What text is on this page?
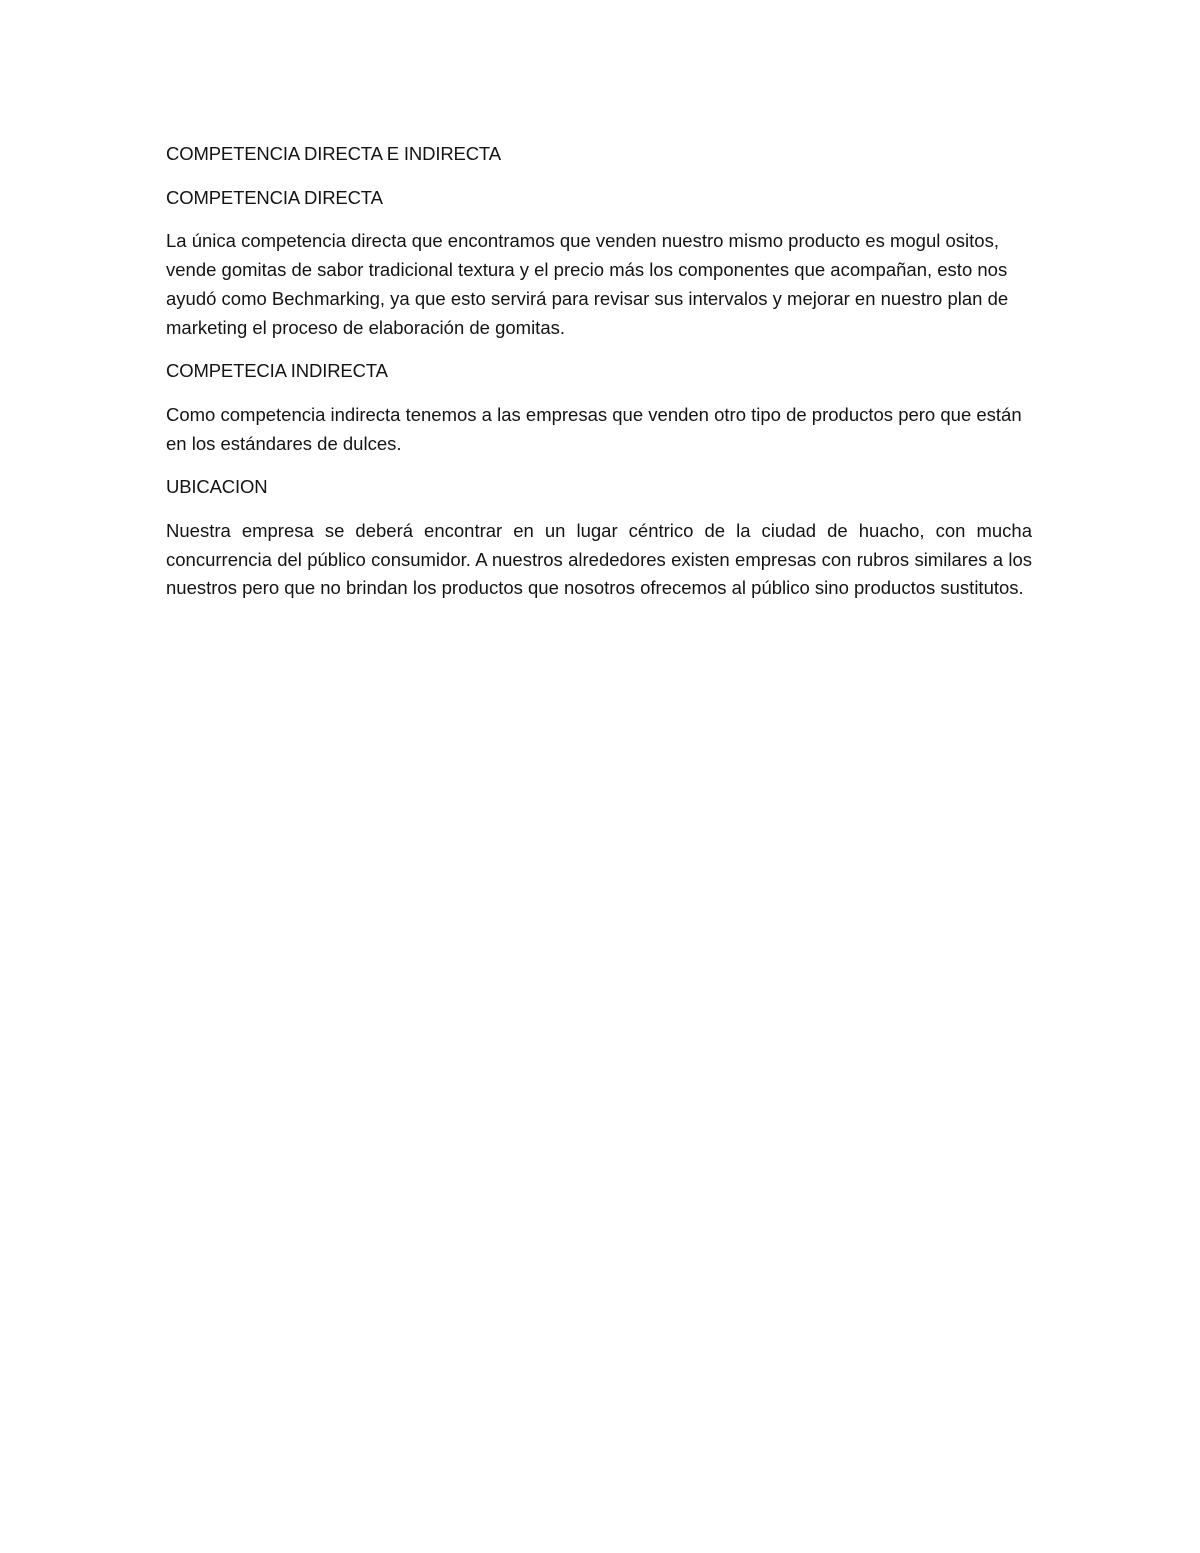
COMPETENCIA DIRECTA E INDIRECTA

COMPETENCIA DIRECTA

La única competencia directa que encontramos que venden nuestro mismo producto es mogul ositos, vende gomitas de sabor tradicional textura y el precio más los componentes que acompañan, esto nos ayudó como Bechmarking, ya que esto servirá para revisar sus intervalos y mejorar en nuestro plan de marketing el proceso de elaboración de gomitas.

COMPETECIA INDIRECTA

Como competencia indirecta tenemos a las empresas que venden otro tipo de productos pero que están en los estándares de dulces.

UBICACION

Nuestra empresa se deberá encontrar en un lugar céntrico de la ciudad de huacho, con mucha concurrencia del público consumidor. A nuestros alrededores existen empresas con rubros similares a los nuestros pero que no brindan los productos que nosotros ofrecemos al público sino productos sustitutos.
